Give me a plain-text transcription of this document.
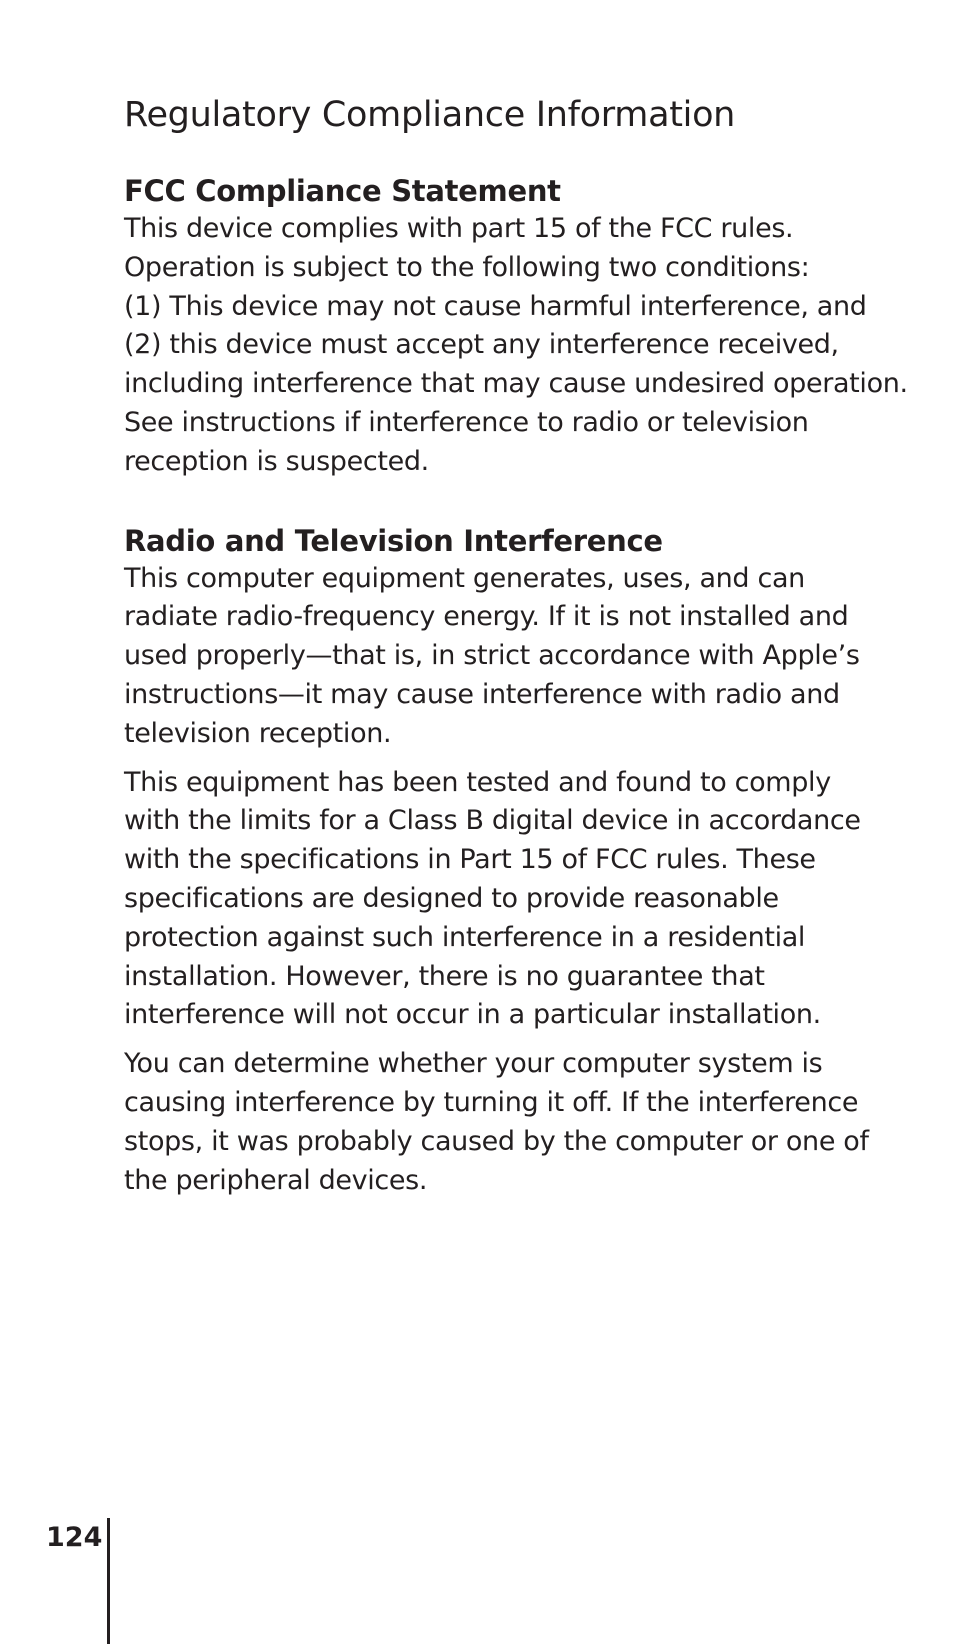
Regulatory Compliance Information
FCC Compliance Statement

This device complies with part 15 of the FCC rules.
Operation is subject to the following two conditions:
(1) This device may not cause harmful interference, and
(2) this device must accept any interference received,
including interference that may cause undesired operation.
See instructions if interference to radio or television
reception is suspected.

Radio and Television Interference

This computer equipment generates, uses, and can
radiate radio-frequency energy. If it is not installed and
used properly—that is, in strict accordance with Apple’s
instructions—it may cause interference with radio and
television reception.

This equipment has been tested and found to comply
with the limits for a Class B digital device in accordance
with the specifications in Part 15 of FCC rules. These
specifications are designed to provide reasonable
protection against such interference in a residential
installation. However, there is no guarantee that
interference will not occur in a particular installation.

You can determine whether your computer system is
causing interference by turning it off. If the interference
stops, it was probably caused by the computer or one of
the peripheral devices.

124
